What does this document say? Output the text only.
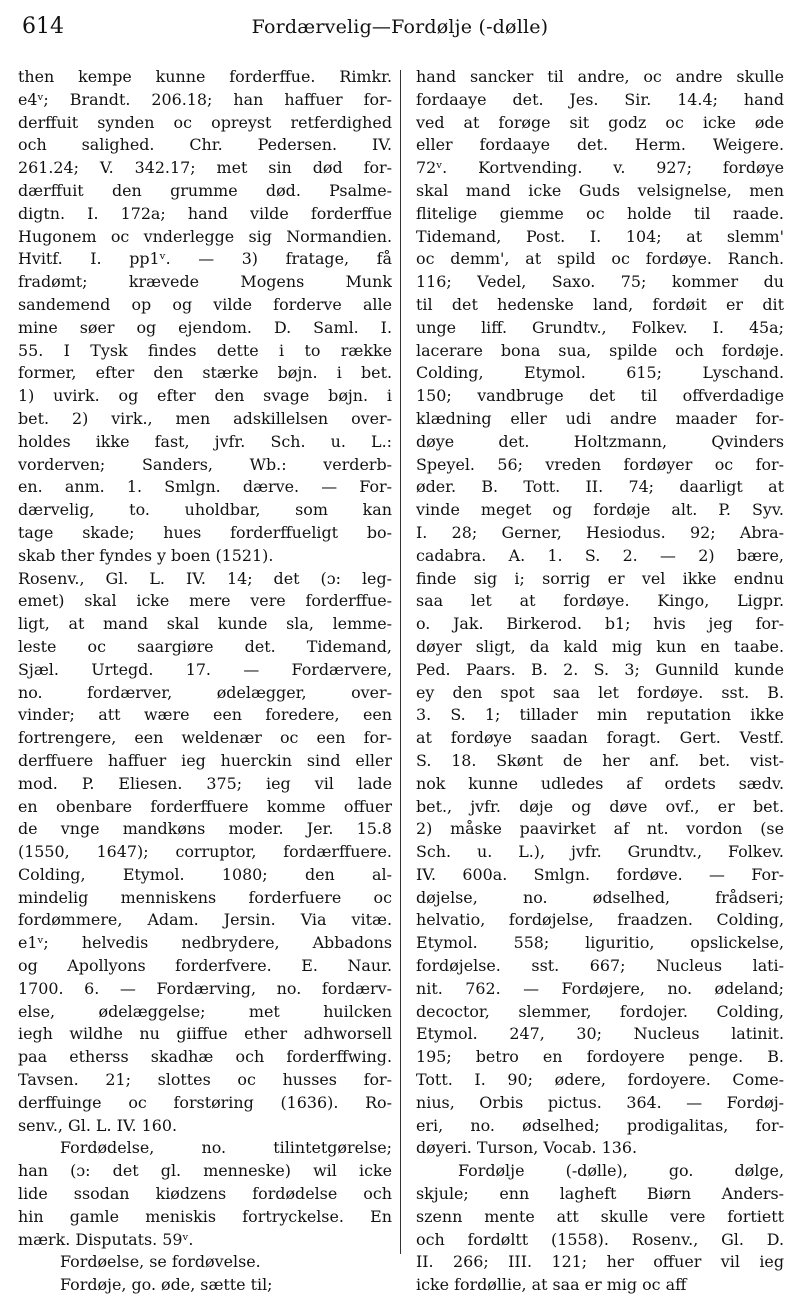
614	Fordærvelig—Fordølje (-dølle)
then kempe kunne forderffue. Rimkr.
e4ᵛ; Brandt. 206.18; han haffuer for-
derffuit synden oc opreyst retferdighed
och salighed. Chr. Pedersen. IV.
261.24; V. 342.17; met sin død for-
dærffuit den grumme død. Psalme-
digtn. I. 172a; hand vilde forderffue
Hugonem oc vnderlegge sig Normandien.
Hvitf. I. pp1ᵛ. — 3) fratage, få
fradømt; krævede Mogens Munk
sandemend op og vilde forderve alle
mine søer og ejendom. D. Saml. I.
55. I Tysk findes dette i to række
former, efter den stærke bøjn. i bet.
1) uvirk. og efter den svage bøjn. i
bet. 2) virk., men adskillelsen over-
holdes ikke fast, jvfr. Sch. u. L.:
vorderven; Sanders, Wb.: verderb-
en. anm. 1. Smlgn. dærve. — For-
dærvelig, to. uholdbar, som kan
tage skade; hues forderffueligt bo-
skab ther fyndes y boen (1521).
Rosenv., Gl. L. IV. 14; det (ɔ: leg-
emet) skal icke mere vere forderffue-
ligt, at mand skal kunde sla, lemme-
leste oc saargiøre det. Tidemand,
Sjæl. Urtegd. 17. — Fordærvere,
no. fordærver, ødelægger, over-
vinder; att wære een foredere, een
fortrengere, een weldenær oc een for-
derffuere haffuer ieg huerckin sind eller
mod. P. Eliesen. 375; ieg vil lade
en obenbare forderffuere komme offuer
de vnge mandkøns moder. Jer. 15.8
(1550, 1647); corruptor, fordærffuere.
Colding, Etymol. 1080; den al-
mindelig menniskens forderfuere oc
fordømmere, Adam. Jersin. Via vitæ.
e1ᵛ; helvedis nedbrydere, Abbadons
og Apollyons forderfvere. E. Naur.
1700. 6. — Fordærving, no. fordærv-
else, ødelæggelse; met huilcken
iegh wildhe nu giiffue ether adhworsell
paa etherss skadhæ och forderffwing.
Tavsen. 21; slottes oc husses for-
derffuinge oc forstøring (1636). Ro-
senv., Gl. L. IV. 160.
Fordødelse, no. tilintetgørelse;
han (ɔ: det gl. menneske) wil icke
lide ssodan kiødzens fordødelse och
hin gamle meniskis fortryckelse. En
mærk. Disputats. 59ᵛ.
Fordøelse, se fordøvelse.
Fordøje, go. øde, sætte til;
hand sancker til andre, oc andre skulle
fordaaye det. Jes. Sir. 14.4; hand
ved at forøge sit godz oc icke øde
eller fordaaye det. Herm. Weigere.
72ᵛ. Kortvending. v. 927; fordøye
skal mand icke Guds velsignelse, men
flitelige giemme oc holde til raade.
Tidemand, Post. I. 104; at slemm'
oc demm', at spild oc fordøye. Ranch.
116; Vedel, Saxo. 75; kommer du
til det hedenske land, fordøit er dit
unge liff. Grundtv., Folkev. I. 45a;
lacerare bona sua, spilde och fordøje.
Colding, Etymol. 615; Lyschand.
150; vandbruge det til offverdadige
klædning eller udi andre maader for-
døye det. Holtzmann, Qvinders
Speyel. 56; vreden fordøyer oc for-
øder. B. Tott. II. 74; daarligt at
vinde meget og fordøje alt. P. Syv.
I. 28; Gerner, Hesiodus. 92; Abra-
cadabra. A. 1. S. 2. — 2) bære,
finde sig i; sorrig er vel ikke endnu
saa let at fordøye. Kingo, Ligpr.
o. Jak. Birkerod. b1; hvis jeg for-
døyer sligt, da kald mig kun en taabe.
Ped. Paars. B. 2. S. 3; Gunnild kunde
ey den spot saa let fordøye. sst. B.
3. S. 1; tillader min reputation ikke
at fordøye saadan foragt. Gert. Vestf.
S. 18. Skønt de her anf. bet. vist-
nok kunne udledes af ordets sædv.
bet., jvfr. døje og døve ovf., er bet.
2) måske paavirket af nt. vordon (se
Sch. u. L.), jvfr. Grundtv., Folkev.
IV. 600a. Smlgn. fordøve. — For-
døjelse, no. ødselhed, frådseri;
helvatio, fordøjelse, fraadzen. Colding,
Etymol. 558; liguritio, opslickelse,
fordøjelse. sst. 667; Nucleus lati-
nit. 762. — Fordøjere, no. ødeland;
decoctor, slemmer, fordojer. Colding,
Etymol. 247, 30; Nucleus latinit.
195; betro en fordoyere penge. B.
Tott. I. 90; ødere, fordoyere. Come-
nius, Orbis pictus. 364. — Fordøj-
eri, no. ødselhed; prodigalitas, for-
døyeri. Turson, Vocab. 136.
Fordølje (-dølle), go. dølge,
skjule; enn lagheft Biørn Anders-
szenn mente att skulle vere fortiett
och fordøltt (1558). Rosenv., Gl. D.
II. 266; III. 121; her offuer vil ieg
icke fordøllie, at saa er mig oc aff
